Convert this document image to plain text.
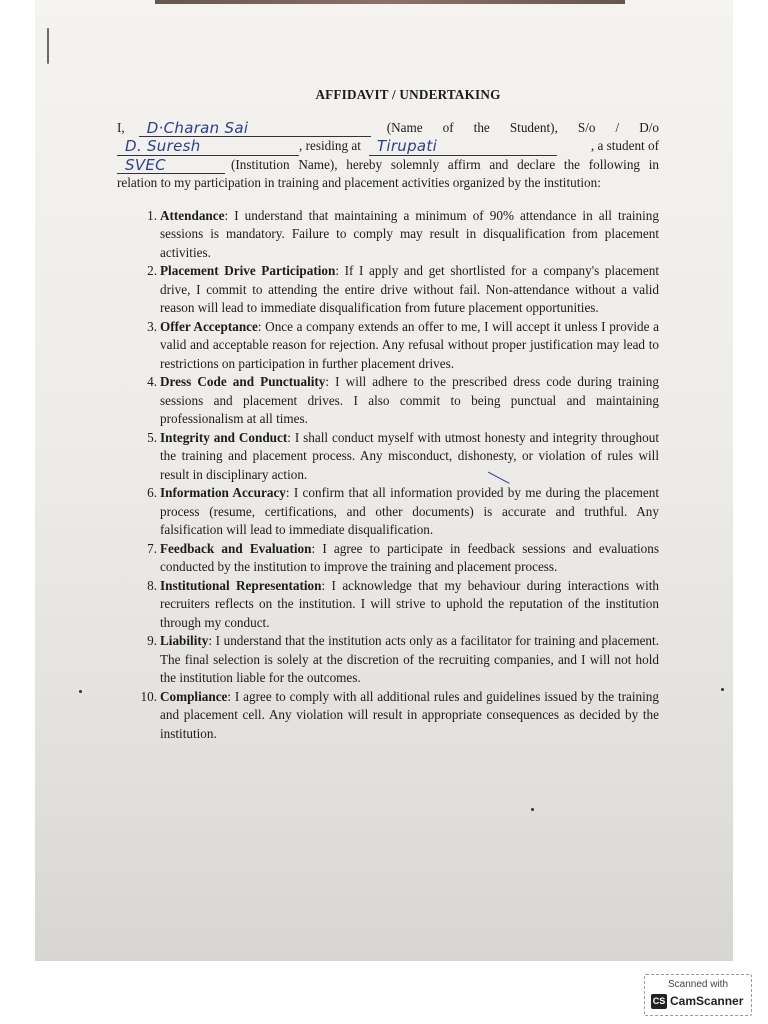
AFFIDAVIT / UNDERTAKING
I, D·Charan Sai	(Name of the Student), S/o / D/o
D. Suresh	, residing at Tirupati	, a student of
SVEC	(Institution Name), hereby solemnly affirm and declare the following in
relation to my participation in training and placement activities organized by the institution:
1. Attendance: I understand that maintaining a minimum of 90% attendance in all training sessions is mandatory. Failure to comply may result in disqualification from placement activities.
2. Placement Drive Participation: If I apply and get shortlisted for a company's placement drive, I commit to attending the entire drive without fail. Non-attendance without a valid reason will lead to immediate disqualification from future placement opportunities.
3. Offer Acceptance: Once a company extends an offer to me, I will accept it unless I provide a valid and acceptable reason for rejection. Any refusal without proper justification may lead to restrictions on participation in further placement drives.
4. Dress Code and Punctuality: I will adhere to the prescribed dress code during training sessions and placement drives. I also commit to being punctual and maintaining professionalism at all times.
5. Integrity and Conduct: I shall conduct myself with utmost honesty and integrity throughout the training and placement process. Any misconduct, dishonesty, or violation of rules will result in disciplinary action.
6. Information Accuracy: I confirm that all information provided by me during the placement process (resume, certifications, and other documents) is accurate and truthful. Any falsification will lead to immediate disqualification.
7. Feedback and Evaluation: I agree to participate in feedback sessions and evaluations conducted by the institution to improve the training and placement process.
8. Institutional Representation: I acknowledge that my behaviour during interactions with recruiters reflects on the institution. I will strive to uphold the reputation of the institution through my conduct.
9. Liability: I understand that the institution acts only as a facilitator for training and placement. The final selection is solely at the discretion of the recruiting companies, and I will not hold the institution liable for the outcomes.
10. Compliance: I agree to comply with all additional rules and guidelines issued by the training and placement cell. Any violation will result in appropriate consequences as decided by the institution.
Scanned with
CS CamScanner
